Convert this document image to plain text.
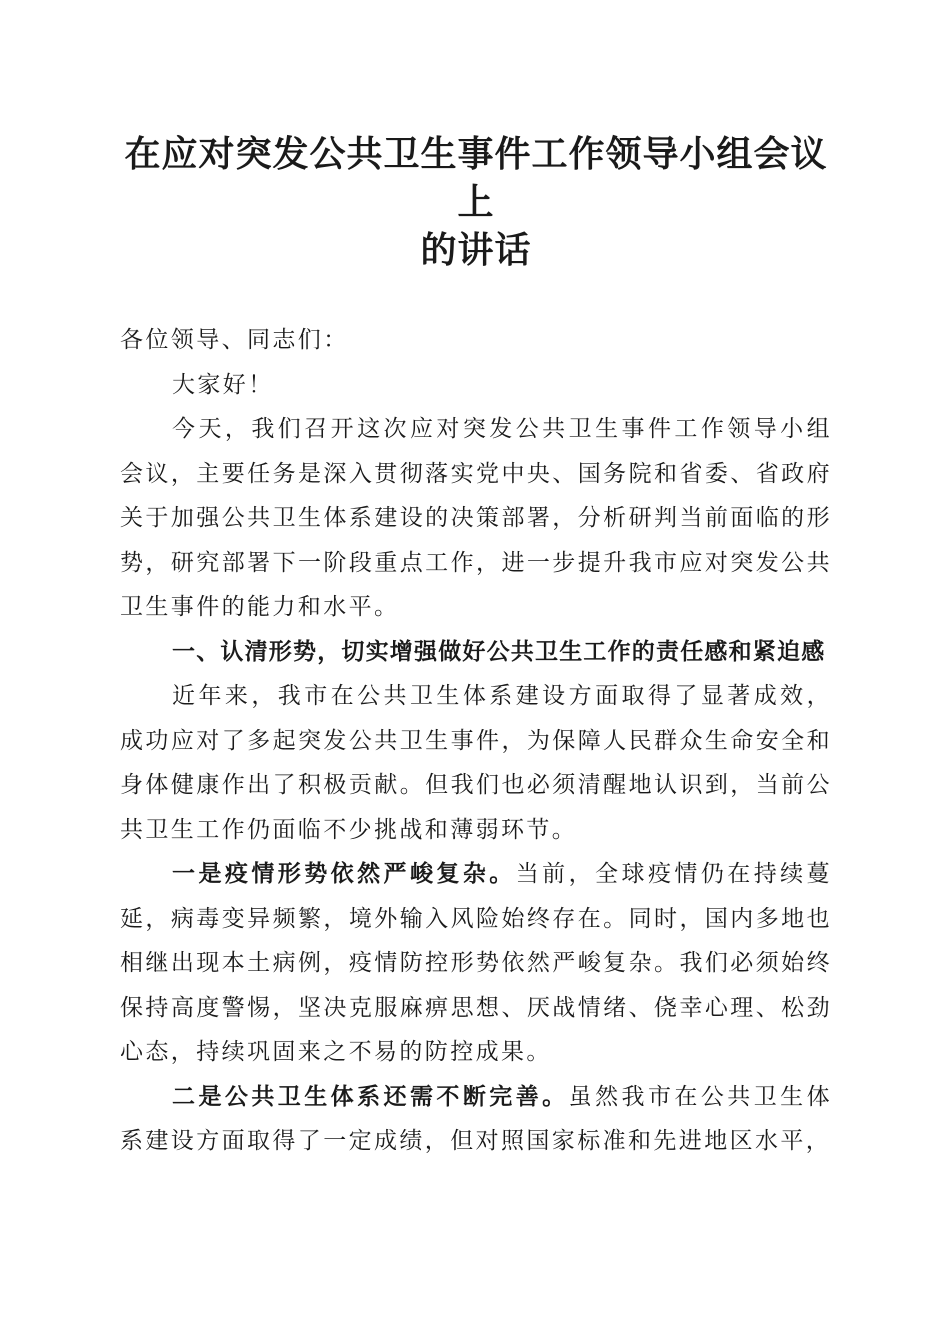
在应对突发公共卫生事件工作领导小组会议上
的讲话

各位领导、同志们：

大家好！

今天，我们召开这次应对突发公共卫生事件工作领导小组会议，主要任务是深入贯彻落实党中央、国务院和省委、省政府关于加强公共卫生体系建设的决策部署，分析研判当前面临的形势，研究部署下一阶段重点工作，进一步提升我市应对突发公共卫生事件的能力和水平。

一、认清形势，切实增强做好公共卫生工作的责任感和紧迫感

近年来，我市在公共卫生体系建设方面取得了显著成效，成功应对了多起突发公共卫生事件，为保障人民群众生命安全和身体健康作出了积极贡献。但我们也必须清醒地认识到，当前公共卫生工作仍面临不少挑战和薄弱环节。

一是疫情形势依然严峻复杂。当前，全球疫情仍在持续蔓延，病毒变异频繁，境外输入风险始终存在。同时，国内多地也相继出现本土病例，疫情防控形势依然严峻复杂。我们必须始终保持高度警惕，坚决克服麻痹思想、厌战情绪、侥幸心理、松劲心态，持续巩固来之不易的防控成果。

二是公共卫生体系还需不断完善。虽然我市在公共卫生体系建设方面取得了一定成绩，但对照国家标准和先进地区水平，
